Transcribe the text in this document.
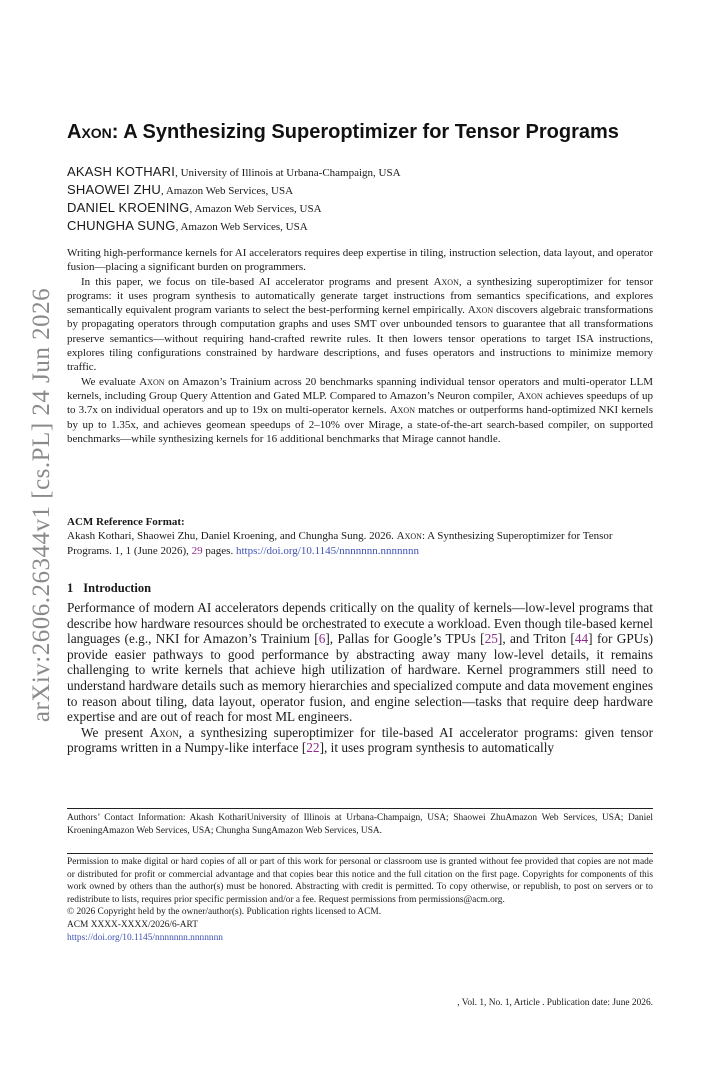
arXiv:2606.26344v1 [cs.PL] 24 Jun 2026
Axon: A Synthesizing Superoptimizer for Tensor Programs
AKASH KOTHARI, University of Illinois at Urbana-Champaign, USA
SHAOWEI ZHU, Amazon Web Services, USA
DANIEL KROENING, Amazon Web Services, USA
CHUNGHA SUNG, Amazon Web Services, USA

Writing high-performance kernels for AI accelerators requires deep expertise in tiling, instruction selection, data layout, and operator fusion—placing a significant burden on programmers.

In this paper, we focus on tile-based AI accelerator programs and present Axon, a synthesizing superoptimizer for tensor programs: it uses program synthesis to automatically generate target instructions from semantics specifications, and explores semantically equivalent program variants to select the best-performing kernel empirically. Axon discovers algebraic transformations by propagating operators through computation graphs and uses SMT over unbounded tensors to guarantee that all transformations preserve semantics—without requiring hand-crafted rewrite rules. It then lowers tensor operations to target ISA instructions, explores tiling configurations constrained by hardware descriptions, and fuses operators and instructions to minimize memory traffic.

We evaluate Axon on Amazon’s Trainium across 20 benchmarks spanning individual tensor operators and multi-operator LLM kernels, including Group Query Attention and Gated MLP. Compared to Amazon’s Neuron compiler, Axon achieves speedups of up to 3.7x on individual operators and up to 19x on multi-operator kernels. Axon matches or outperforms hand-optimized NKI kernels by up to 1.35x, and achieves geomean speedups of 2–10% over Mirage, a state-of-the-art search-based compiler, on supported benchmarks—while synthesizing kernels for 16 additional benchmarks that Mirage cannot handle.

ACM Reference Format:
Akash Kothari, Shaowei Zhu, Daniel Kroening, and Chungha Sung. 2026. Axon: A Synthesizing Superoptimizer for Tensor Programs. 1, 1 (June 2026), 29 pages. https://doi.org/10.1145/nnnnnnn.nnnnnnn
1 Introduction

Performance of modern AI accelerators depends critically on the quality of kernels—low-level programs that describe how hardware resources should be orchestrated to execute a workload. Even though tile-based kernel languages (e.g., NKI for Amazon’s Trainium [6], Pallas for Google’s TPUs [25], and Triton [44] for GPUs) provide easier pathways to good performance by abstracting away many low-level details, it remains challenging to write kernels that achieve high utilization of hardware. Kernel programmers still need to understand hardware details such as memory hierarchies and specialized compute and data movement engines to reason about tiling, data layout, operator fusion, and engine selection—tasks that require deep hardware expertise and are out of reach for most ML engineers.

We present Axon, a synthesizing superoptimizer for tile-based AI accelerator programs: given tensor programs written in a Numpy-like interface [22], it uses program synthesis to automatically

Authors’ Contact Information: Akash KothariUniversity of Illinois at Urbana-Champaign, USA; Shaowei ZhuAmazon Web Services, USA; Daniel KroeningAmazon Web Services, USA; Chungha SungAmazon Web Services, USA.
Permission to make digital or hard copies of all or part of this work for personal or classroom use is granted without fee provided that copies are not made or distributed for profit or commercial advantage and that copies bear this notice and the full citation on the first page. Copyrights for components of this work owned by others than the author(s) must be honored. Abstracting with credit is permitted. To copy otherwise, or republish, to post on servers or to redistribute to lists, requires prior specific permission and/or a fee. Request permissions from permissions@acm.org.
© 2026 Copyright held by the owner/author(s). Publication rights licensed to ACM.
ACM XXXX-XXXX/2026/6-ART
https://doi.org/10.1145/nnnnnnn.nnnnnnn
, Vol. 1, No. 1, Article . Publication date: June 2026.
